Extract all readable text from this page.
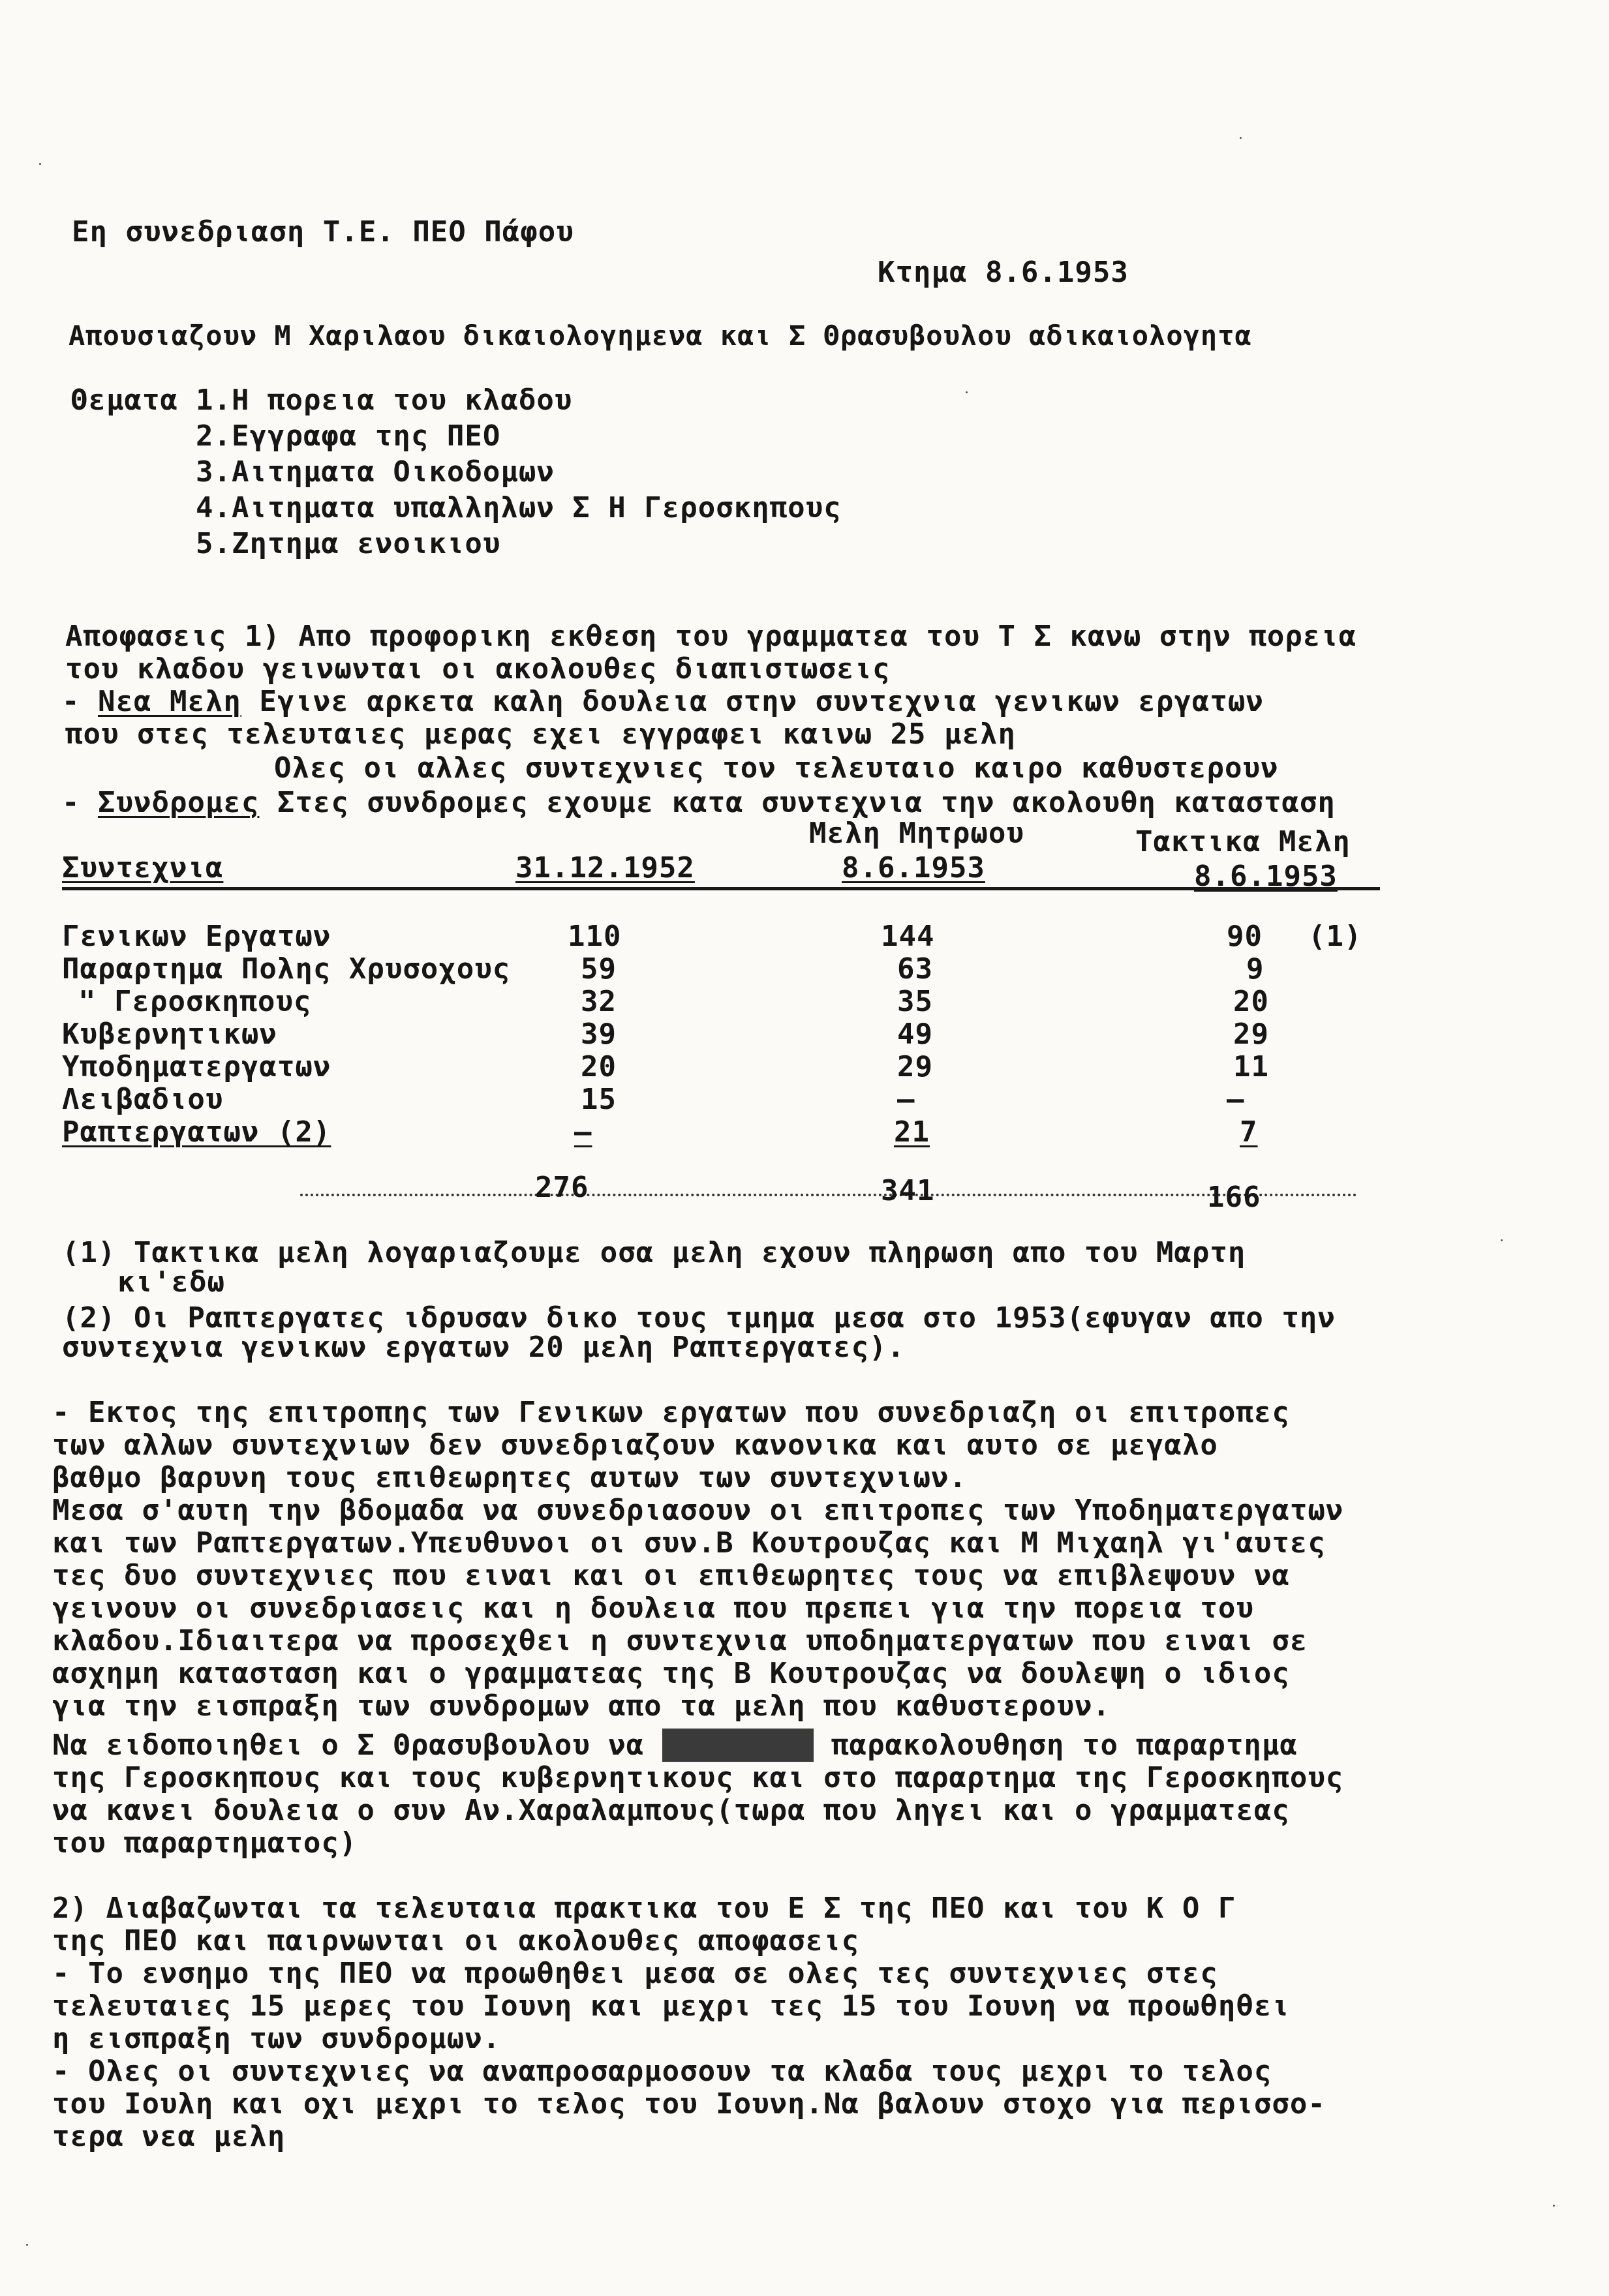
Εη συνεδριαση Τ.Ε. ΠΕΟ Πάφου
Κτημα 8.6.1953
Απουσιαζουν Μ Χαριλαου δικαιολογημενα και Σ Θρασυβουλου αδικαιολογητα
Θεματα 1.Η πορεια του κλαδου
2.Εγγραφα της ΠΕΟ
3.Αιτηματα Οικοδομων
4.Αιτηματα υπαλληλων Σ Η Γεροσκηπους
5.Ζητημα ενοικιου
Αποφασεις 1) Απο προφορικη εκθεση του γραμματεα του Τ Σ κανω στην πορεια
του κλαδου γεινωνται οι ακολουθες διαπιστωσεις
- Νεα Μελη Εγινε αρκετα καλη δουλεια στην συντεχνια γενικων εργατων
που στες τελευταιες μερας εχει εγγραφει καινω 25 μελη
Ολες οι αλλες συντεχνιες τον τελευταιο καιρο καθυστερουν
- Συνδρομες Στες συνδρομες εχουμε κατα συντεχνια την ακολουθη κατασταση
Μελη Μητρωου	Τακτικα Μελη
Συντεχνια	31.12.1952	8.6.1953	8.6.1953
Γενικων Εργατων	110	144	90 (1)
Παραρτημα Πολης Χρυσοχους 59	63	9
" Γεροσκηπους	32	35	20
Κυβερνητικων	39	49	29
Υποδηματεργατων	20	29	11
Λειβαδιου	15	—	—
Ραπτεργατων (2)	—	21	7
276	341	166
(1) Τακτικα μελη λογαριαζουμε οσα μελη εχουν πληρωση απο του Μαρτη
κι'εδω
(2) Οι Ραπτεργατες ιδρυσαν δικο τους τμημα μεσα στο 1953(εφυγαν απο την
συντεχνια γενικων εργατων 20 μελη Ραπτεργατες).
- Εκτος της επιτροπης των Γενικων εργατων που συνεδριαζη οι επιτροπες
των αλλων συντεχνιων δεν συνεδριαζουν κανονικα και αυτο σε μεγαλο
βαθμο βαρυνη τους επιθεωρητες αυτων των συντεχνιων.
Μεσα σ'αυτη την βδομαδα να συνεδριασουν οι επιτροπες των Υποδηματεργατων
και των Ραπτεργατων.Υπευθυνοι οι συν.Β Κουτρουζας και Μ Μιχαηλ γι'αυτες
τες δυο συντεχνιες που ειναι και οι επιθεωρητες τους να επιβλεψουν να
γεινουν οι συνεδριασεις και η δουλεια που πρεπει για την πορεια του
κλαδου.Ιδιαιτερα να προσεχθει η συντεχνια υποδηματεργατων που ειναι σε
ασχημη κατασταση και ο γραμματεας της Β Κουτρουζας να δουλεψη ο ιδιος
για την εισπραξη των συνδρομων απο τα μελη που καθυστερουν.
Να ειδοποιηθει ο Σ Θρασυβουλου να αναλαβει παρακολουθηση το παραρτημα
της Γεροσκηπους και τους κυβερνητικους και στο παραρτημα της Γεροσκηπους
να κανει δουλεια ο συν Αν.Χαραλαμπους(τωρα που ληγει και ο γραμματεας
του παραρτηματος)
2) Διαβαζωνται τα τελευταια πρακτικα του Ε Σ της ΠΕΟ και του Κ Ο Γ
της ΠΕΟ και παιρνωνται οι ακολουθες αποφασεις
- Το ενσημο της ΠΕΟ να προωθηθει μεσα σε ολες τες συντεχνιες στες
τελευταιες 15 μερες του Ιουνη και μεχρι τες 15 του Ιουνη να προωθηθει
η εισπραξη των συνδρομων.
- Ολες οι συντεχνιες να αναπροσαρμοσουν τα κλαδα τους μεχρι το τελος
του Ιουλη και οχι μεχρι το τελος του Ιουνη.Να βαλουν στοχο για περισσο-
τερα νεα μελη
